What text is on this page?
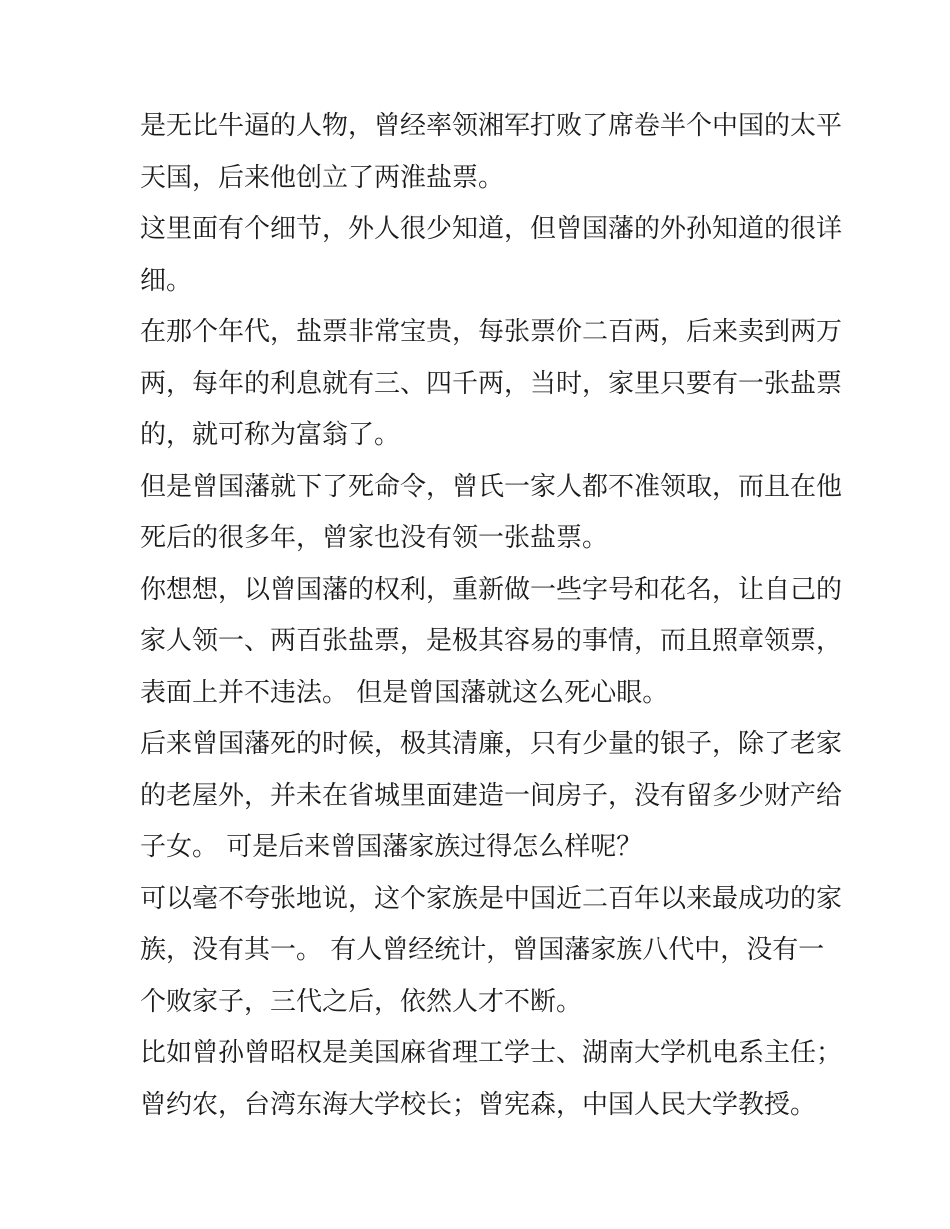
是无比牛逼的人物，曾经率领湘军打败了席卷半个中国的太平
天国，后来他创立了两淮盐票。
这里面有个细节，外人很少知道，但曾国藩的外孙知道的很详
细。
在那个年代，盐票非常宝贵，每张票价二百两，后来卖到两万
两，每年的利息就有三、四千两，当时，家里只要有一张盐票
的，就可称为富翁了。
但是曾国藩就下了死命令，曾氏一家人都不准领取，而且在他
死后的很多年，曾家也没有领一张盐票。
你想想，以曾国藩的权利，重新做一些字号和花名，让自己的
家人领一、两百张盐票，是极其容易的事情，而且照章领票，
表面上并不违法。 但是曾国藩就这么死心眼。
后来曾国藩死的时候，极其清廉，只有少量的银子，除了老家
的老屋外，并未在省城里面建造一间房子，没有留多少财产给
子女。 可是后来曾国藩家族过得怎么样呢？
可以毫不夸张地说，这个家族是中国近二百年以来最成功的家
族，没有其一。 有人曾经统计，曾国藩家族八代中，没有一
个败家子，三代之后，依然人才不断。
比如曾孙曾昭权是美国麻省理工学士、湖南大学机电系主任；
曾约农，台湾东海大学校长；曾宪森，中国人民大学教授。
